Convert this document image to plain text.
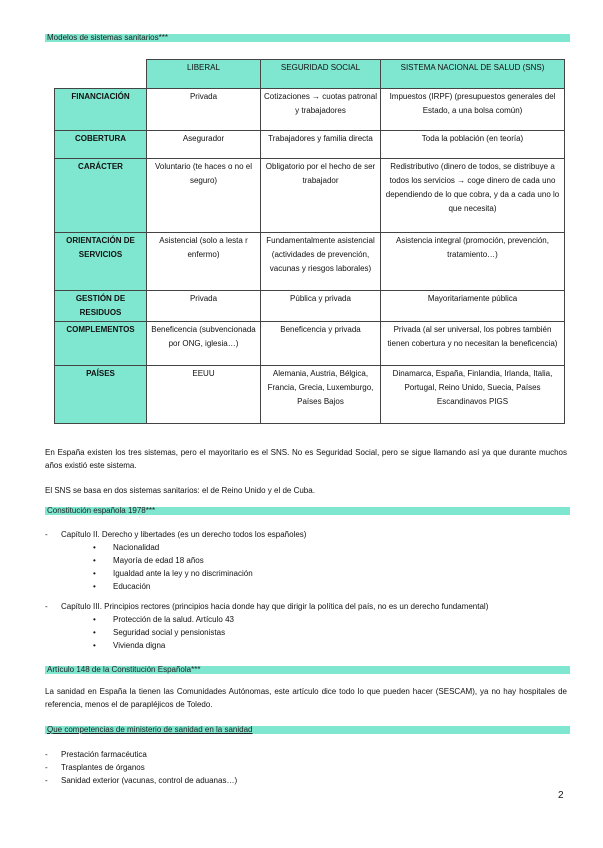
Modelos de sistemas sanitarios***
	LIBERAL	SEGURIDAD SOCIAL	SISTEMA NACIONAL DE SALUD (SNS)
FINANCIACIÓN	Privada	Cotizaciones → cuotas patronal y trabajadores	Impuestos (IRPF) (presupuestos generales del Estado, a una bolsa común)
COBERTURA	Asegurador	Trabajadores y familia directa	Toda la población (en teoría)
CARÁCTER	Voluntario (te haces o no el seguro)	Obligatorio por el hecho de ser trabajador	Redistributivo (dinero de todos, se distribuye a todos los servicios → coge dinero de cada uno dependiendo de lo que cobra, y da a cada uno lo que necesita)
ORIENTACIÓN DE SERVICIOS	Asistencial (solo a lesta r enfermo)	Fundamentalmente asistencial (actividades de prevención, vacunas y riesgos laborales)	Asistencia integral (promoción, prevención, tratamiento…)
GESTIÓN DE RESIDUOS	Privada	Pública y privada	Mayoritariamente pública
COMPLEMENTOS	Beneficencia (subvencionada por ONG, iglesia…)	Beneficencia y privada	Privada (al ser universal, los pobres también tienen cobertura y no necesitan la beneficencia)
PAÍSES	EEUU	Alemania, Austria, Bélgica, Francia, Grecia, Luxemburgo, Países Bajos	Dinamarca, España, Finlandia, Irlanda, Italia, Portugal, Reino Unido, Suecia, Países Escandinavos PIGS

En España existen los tres sistemas, pero el mayoritario es el SNS. No es Seguridad Social, pero se sigue llamando así ya que durante muchos años existió este sistema.

El SNS se basa en dos sistemas sanitarios: el de Reino Unido y el de Cuba.

Constitución española 1978***
- Capítulo II. Derecho y libertades (es un derecho todos los españoles)
• Nacionalidad
• Mayoría de edad 18 años
• Igualdad ante la ley y no discriminación
• Educación
- Capítulo III. Principios rectores (principios hacia donde hay que dirigir la política del país, no es un derecho fundamental)
• Protección de la salud. Artículo 43
• Seguridad social y pensionistas
• Vivienda digna
Artículo 148 de la Constitución Española***

La sanidad en España la tienen las Comunidades Autónomas, este artículo dice todo lo que pueden hacer (SESCAM), ya no hay hospitales de referencia, menos el de parapléjicos de Toledo.

Que competencias de ministerio de sanidad en la sanidad
- Prestación farmacéutica
- Trasplantes de órganos
- Sanidad exterior (vacunas, control de aduanas…)
2
